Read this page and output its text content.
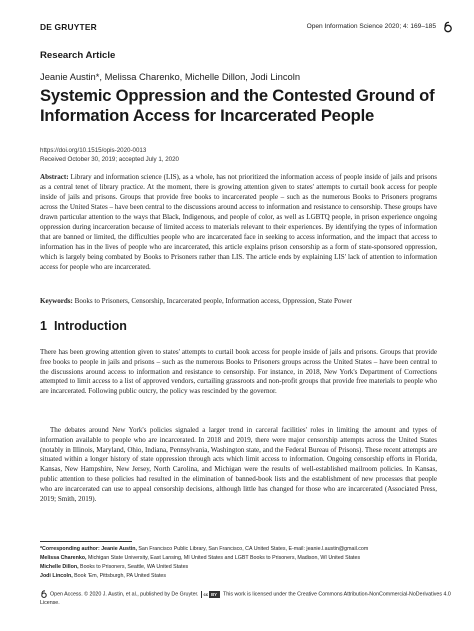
DE GRUYTER	Open Information Science 2020; 4: 169–185
Research Article
Jeanie Austin*, Melissa Charenko, Michelle Dillon, Jodi Lincoln
Systemic Oppression and the Contested Ground of Information Access for Incarcerated People
https://doi.org/10.1515/opis-2020-0013
Received October 30, 2019; accepted July 1, 2020
Abstract: Library and information science (LIS), as a whole, has not prioritized the information access of people inside of jails and prisons as a central tenet of library practice. At the moment, there is growing attention given to states' attempts to curtail book access for people inside of jails and prisons. Groups that provide free books to incarcerated people – such as the numerous Books to Prisoners programs across the United States – have been central to the discussions around access to information and resistance to censorship. These groups have drawn particular attention to the ways that Black, Indigenous, and people of color, as well as LGBTQ people, in prison experience ongoing oppression during incarceration because of limited access to materials relevant to their experiences. By identifying the types of information that are banned or limited, the difficulties people who are incarcerated face in seeking to access information, and the impact that access to information has in the lives of people who are incarcerated, this article explains prison censorship as a form of state-sponsored oppression, which is largely being combated by Books to Prisoners rather than LIS. The article ends by explaining LIS' lack of attention to information access for people who are incarcerated.
Keywords: Books to Prisoners, Censorship, Incarcerated people, Information access, Oppression, State Power
1 Introduction

There has been growing attention given to states' attempts to curtail book access for people inside of jails and prisons. Groups that provide free books to people in jails and prisons – such as the numerous Books to Prisoners groups across the United States – have been central to the discussions around access to information and resistance to censorship. For instance, in 2018, New York's Department of Corrections attempted to limit access to a list of approved vendors, curtailing grassroots and non-profit groups that provide free materials to people who are incarcerated. Following public outcry, the policy was rescinded by the governor.

The debates around New York's policies signaled a larger trend in carceral facilities' roles in limiting the amount and types of information available to people who are incarcerated. In 2018 and 2019, there were major censorship attempts across the United States (notably in Illinois, Maryland, Ohio, Indiana, Pennsylvania, Washington state, and the Federal Bureau of Prisons). These recent attempts are situated within a longer history of state oppression through acts which limit access to information. Ongoing censorship efforts in Florida, Kansas, New Hampshire, New Jersey, North Carolina, and Michigan were the results of well-established mailroom policies. In Kansas, public attention to these policies had resulted in the elimination of banned-book lists and the establishment of new processes that people who are incarcerated can use to appeal censorship decisions, although little has changed for those who are incarcerated (Associated Press, 2019; Smith, 2019).

*Corresponding author: Jeanie Austin, San Francisco Public Library, San Francisco, CA United States, E-mail: jeanie.l.austin@gmail.com
Melissa Charenko, Michigan State University, East Lansing, MI United States and LGBT Books to Prisoners, Madison, WI United States
Michelle Dillon, Books to Prisoners, Seattle, WA United States
Jodi Lincoln, Book 'Em, Pittsburgh, PA United States
Open Access. © 2020 J. Austin, et al., published by De Gruyter. cc BY	This work is licensed under the Creative Commons Attribution-NonCommercial-NoDerivatives 4.0 License.
